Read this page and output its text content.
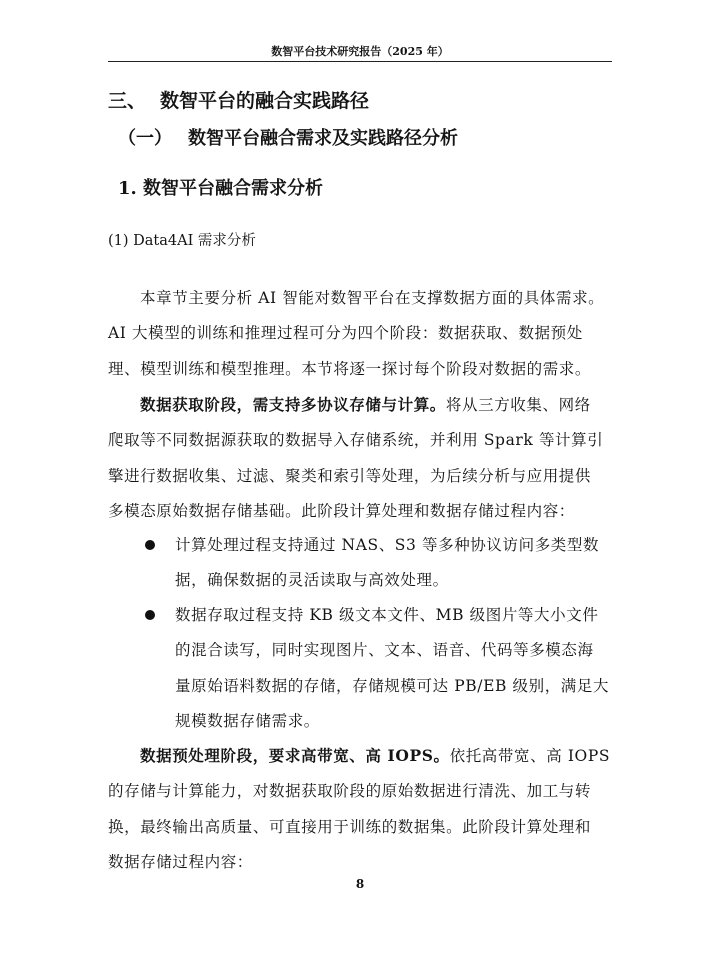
数智平台技术研究报告（2025 年）
三、 数智平台的融合实践路径
（一） 数智平台融合需求及实践路径分析
1. 数智平台融合需求分析
(1) Data4AI 需求分析
本章节主要分析 AI 智能对数智平台在支撑数据方面的具体需求。
AI 大模型的训练和推理过程可分为四个阶段：数据获取、数据预处
理、模型训练和模型推理。本节将逐一探讨每个阶段对数据的需求。
数据获取阶段，需支持多协议存储与计算。将从三方收集、网络
爬取等不同数据源获取的数据导入存储系统，并利用 Spark 等计算引
擎进行数据收集、过滤、聚类和索引等处理，为后续分析与应用提供
多模态原始数据存储基础。此阶段计算处理和数据存储过程内容：
计算处理过程支持通过 NAS、S3 等多种协议访问多类型数
据，确保数据的灵活读取与高效处理。
数据存取过程支持 KB 级文本文件、MB 级图片等大小文件
的混合读写，同时实现图片、文本、语音、代码等多模态海
量原始语料数据的存储，存储规模可达 PB/EB 级别，满足大
规模数据存储需求。
数据预处理阶段，要求高带宽、高 IOPS。依托高带宽、高 IOPS
的存储与计算能力，对数据获取阶段的原始数据进行清洗、加工与转
换，最终输出高质量、可直接用于训练的数据集。此阶段计算处理和
数据存储过程内容：
8
